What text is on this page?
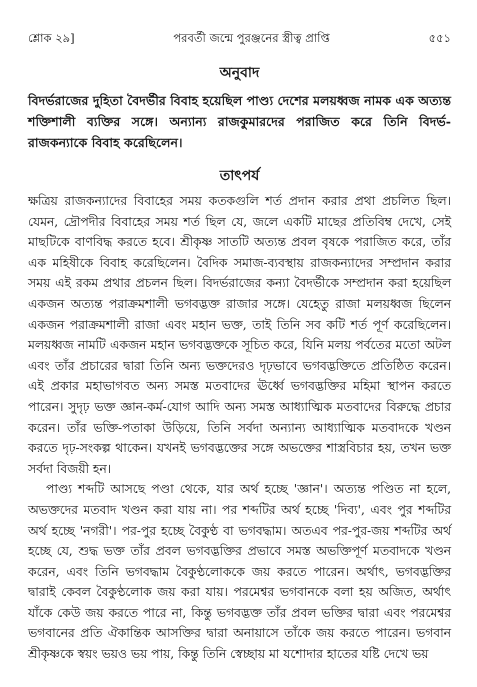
শ্লোক ২৯]	পরবর্তী জন্মে পুরঞ্জনের স্ত্রীত্ব প্রাপ্তি	৫৫১
অনুবাদ
বিদর্ভরাজের দুহিতা বৈদর্ভীর বিবাহ হয়েছিল পাণ্ড্য দেশের মলয়ধ্বজ নামক এক অত্যন্ত শক্তিশালী ব্যক্তির সঙ্গে। অন্যান্য রাজকুমারদের পরাজিত করে তিনি বিদর্ভ-রাজকন্যাকে বিবাহ করেছিলেন।
তাৎপর্য

ক্ষত্রিয় রাজকন্যাদের বিবাহের সময় কতকগুলি শর্ত প্রদান করার প্রথা প্রচলিত ছিল। যেমন, দ্রৌপদীর বিবাহের সময় শর্ত ছিল যে, জলে একটি মাছের প্রতিবিম্ব দেখে, সেই মাছটিকে বাণবিদ্ধ করতে হবে। শ্রীকৃষ্ণ সাতটি অত্যন্ত প্রবল বৃষকে পরাজিত করে, তাঁর এক মহিষীকে বিবাহ করেছিলেন। বৈদিক সমাজ-ব্যবস্থায় রাজকন্যাদের সম্প্রদান করার সময় এই রকম প্রথার প্রচলন ছিল। বিদর্ভরাজের কন্যা বৈদর্ভীকে সম্প্রদান করা হয়েছিল একজন অত্যন্ত পরাক্রমশালী ভগবদ্ভক্ত রাজার সঙ্গে। যেহেতু রাজা মলয়ধ্বজ ছিলেন একজন পরাক্রমশালী রাজা এবং মহান ভক্ত, তাই তিনি সব কটি শর্ত পূর্ণ করেছিলেন। মলয়ধ্বজ নামটি একজন মহান ভগবদ্ভক্তকে সূচিত করে, যিনি মলয় পর্বতের মতো অটল এবং তাঁর প্রচারের দ্বারা তিনি অন্য ভক্তদেরও দৃঢ়ভাবে ভগবদ্ভক্তিতে প্রতিষ্ঠিত করেন। এই প্রকার মহাভাগবত অন্য সমস্ত মতবাদের ঊর্ধ্বে ভগবদ্ভক্তির মহিমা স্থাপন করতে পারেন। সুদৃঢ় ভক্ত জ্ঞান-কর্ম-যোগ আদি অন্য সমস্ত আধ্যাত্মিক মতবাদের বিরুদ্ধে প্রচার করেন। তাঁর ভক্তি-পতাকা উড়িয়ে, তিনি সর্বদা অন্যান্য আধ্যাত্মিক মতবাদকে খণ্ডন করতে দৃঢ়-সংকল্প থাকেন। যখনই ভগবদ্ভক্তের সঙ্গে অভক্তের শাস্ত্রবিচার হয়, তখন ভক্ত সর্বদা বিজয়ী হন।

পাণ্ড্য শব্দটি আসছে পণ্ডা থেকে, যার অর্থ হচ্ছে 'জ্ঞান'। অত্যন্ত পণ্ডিত না হলে, অভক্তদের মতবাদ খণ্ডন করা যায় না। পর শব্দটির অর্থ হচ্ছে 'দিব্য', এবং পুর শব্দটির অর্থ হচ্ছে 'নগরী'। পর-পুর হচ্ছে বৈকুণ্ঠ বা ভগবদ্ধাম। অতএব পর-পুর-জয় শব্দটির অর্থ হচ্ছে যে, শুদ্ধ ভক্ত তাঁর প্রবল ভগবদ্ভক্তির প্রভাবে সমস্ত অভক্তিপূর্ণ মতবাদকে খণ্ডন করেন, এবং তিনি ভগবদ্ধাম বৈকুণ্ঠলোককে জয় করতে পারেন। অর্থাৎ, ভগবদ্ভক্তির দ্বারাই কেবল বৈকুণ্ঠলোক জয় করা যায়। পরমেশ্বর ভগবানকে বলা হয় অজিত, অর্থাৎ যাঁকে কেউ জয় করতে পারে না, কিন্তু ভগবদ্ভক্ত তাঁর প্রবল ভক্তির দ্বারা এবং পরমেশ্বর ভগবানের প্রতি ঐকান্তিক আসক্তির দ্বারা অনায়াসে তাঁকে জয় করতে পারেন। ভগবান শ্রীকৃষ্ণকে স্বয়ং ভয়ও ভয় পায়, কিন্তু তিনি স্বেচ্ছায় মা যশোদার হাতের যষ্টি দেখে ভয়
